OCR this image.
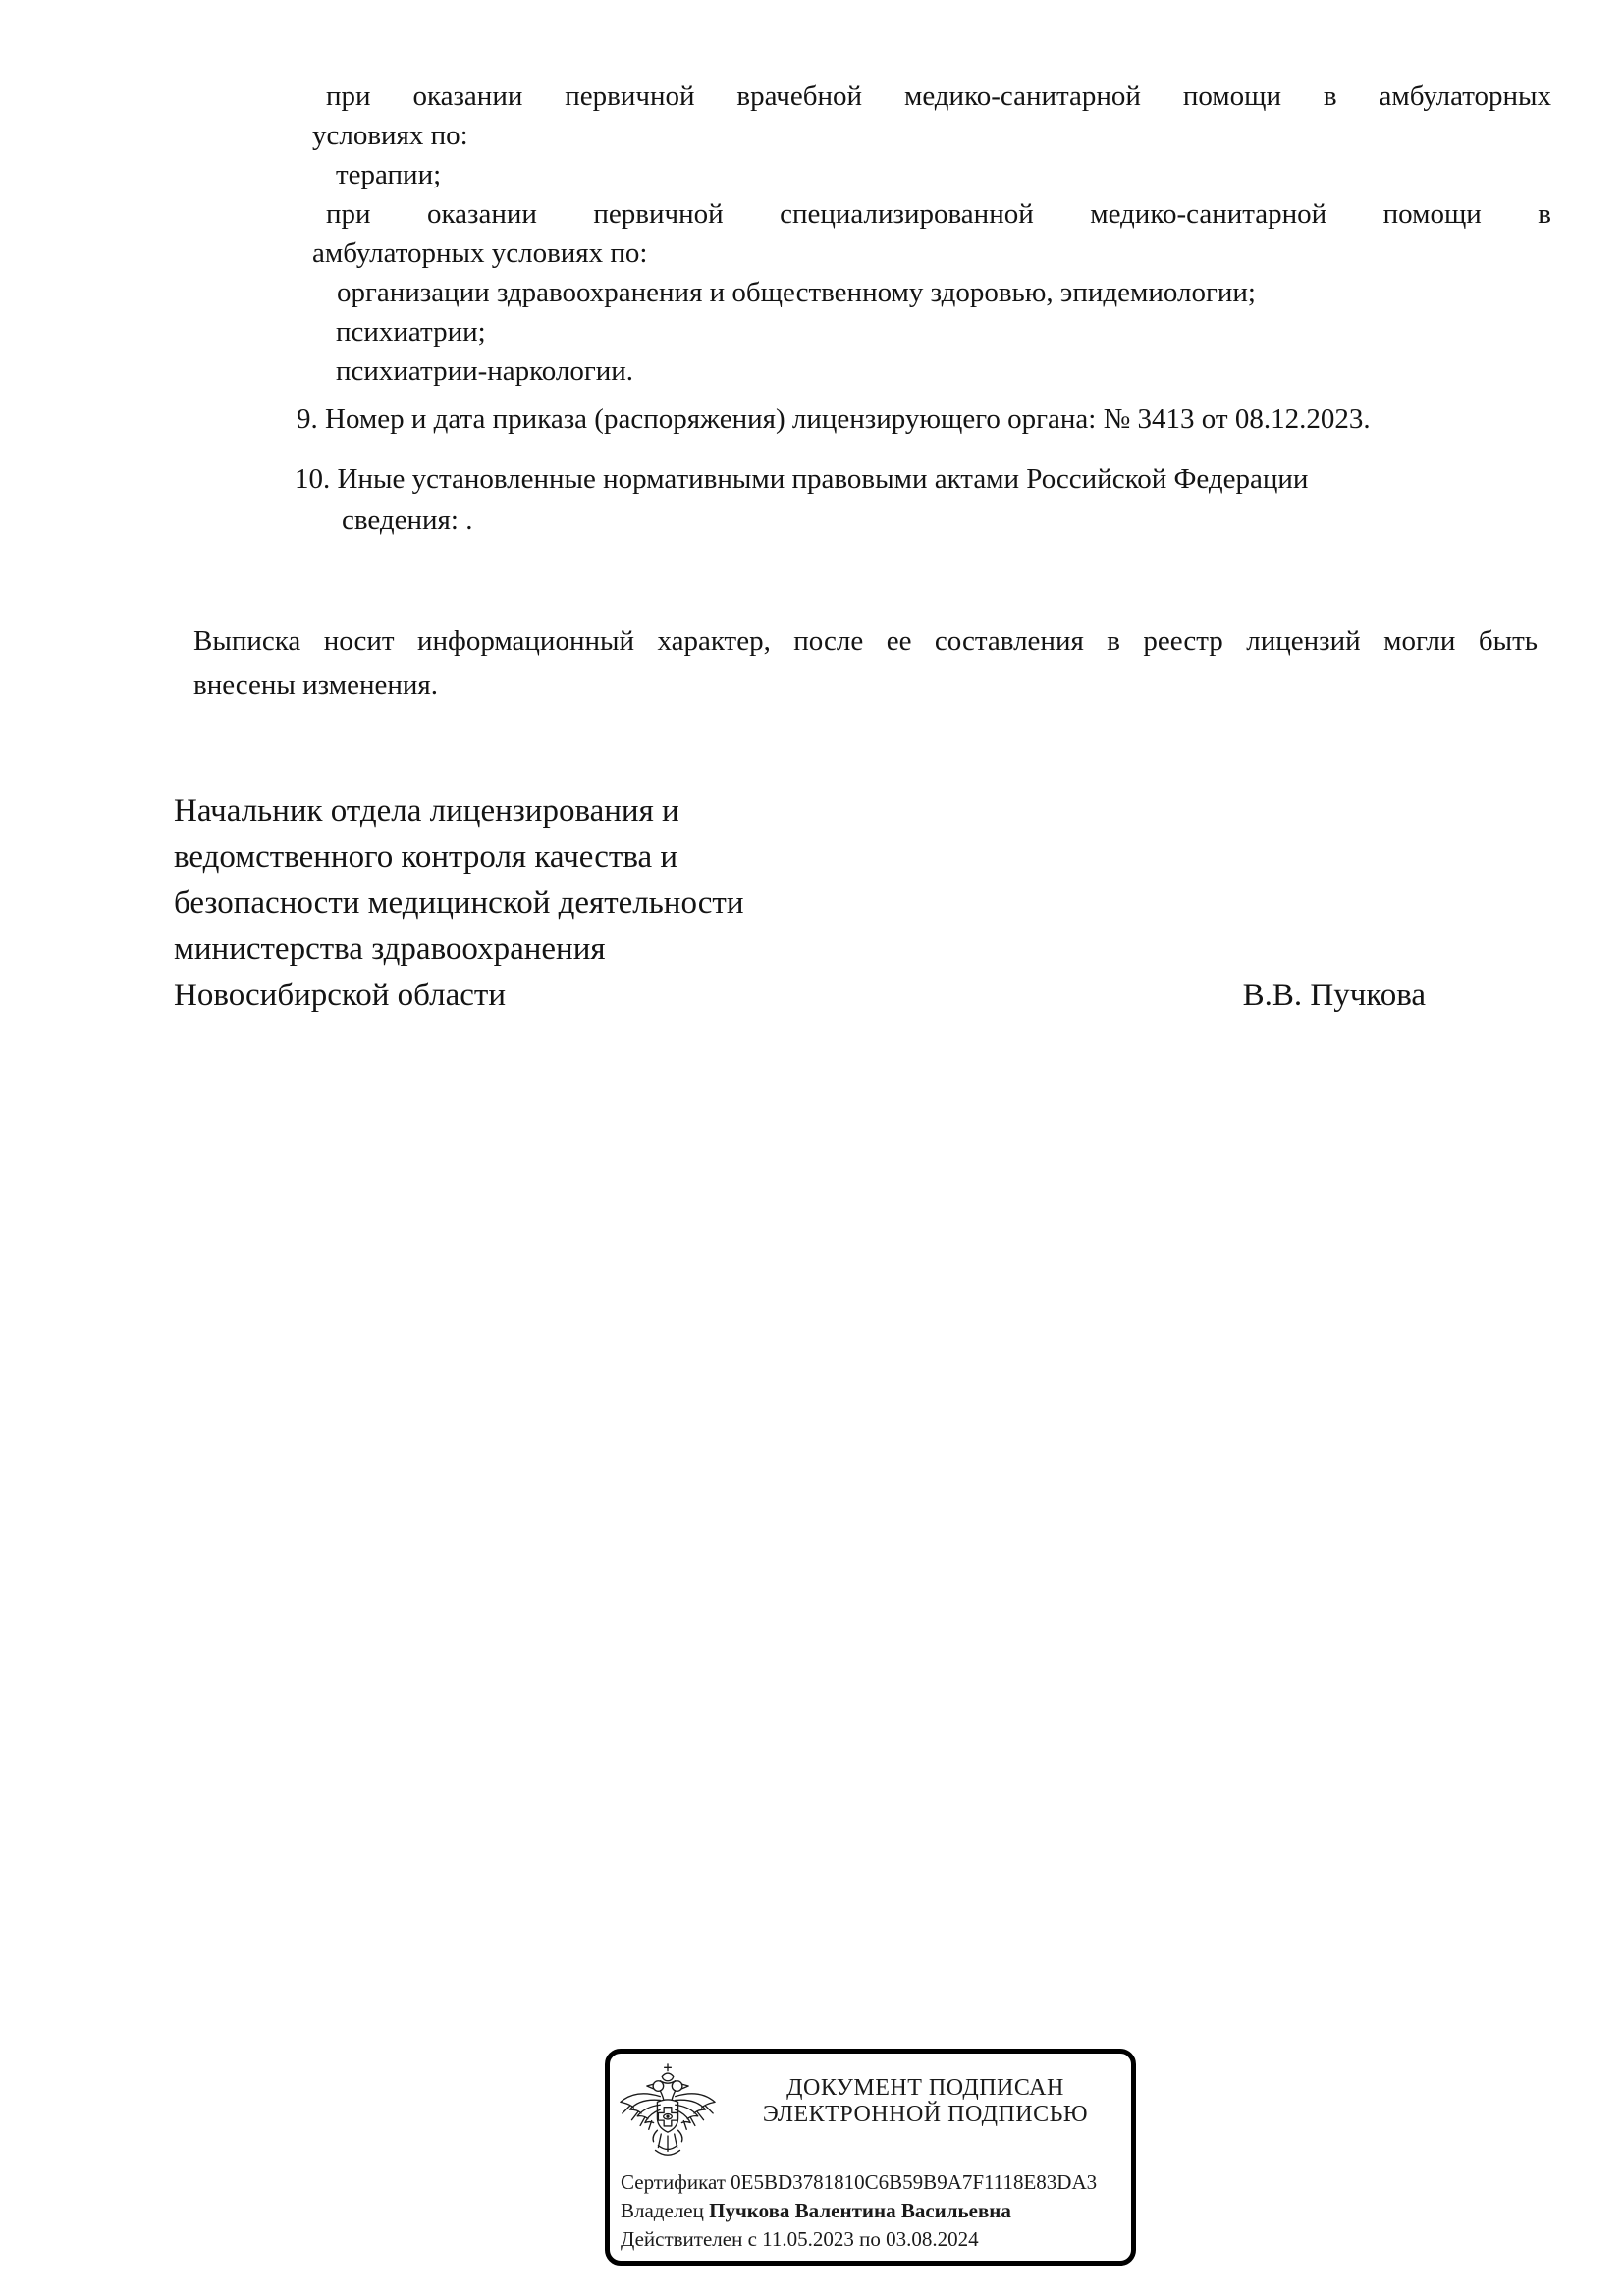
при оказании первичной врачебной медико-санитарной помощи в амбулаторных
условиях по:
терапии;
при оказании первичной специализированной медико-санитарной помощи в
амбулаторных условиях по:
организации здравоохранения и общественному здоровью, эпидемиологии;
психиатрии;
психиатрии-наркологии.
9. Номер и дата приказа (распоряжения) лицензирующего органа: № 3413 от 08.12.2023.
10. Иные установленные нормативными правовыми актами Российской Федерации
сведения: .
Выписка носит информационный характер, после ее составления в реестр лицензий могли быть
внесены изменения.
Начальник отдела лицензирования и
ведомственного контроля качества и
безопасности медицинской деятельности
министерства здравоохранения
Новосибирской области	В.В. Пучкова
ДОКУМЕНТ ПОДПИСАН
ЭЛЕКТРОННОЙ ПОДПИСЬЮ
Сертификат 0E5BD3781810C6B59B9A7F1118E83DA3
Владелец Пучкова Валентина Васильевна
Действителен с 11.05.2023 по 03.08.2024
